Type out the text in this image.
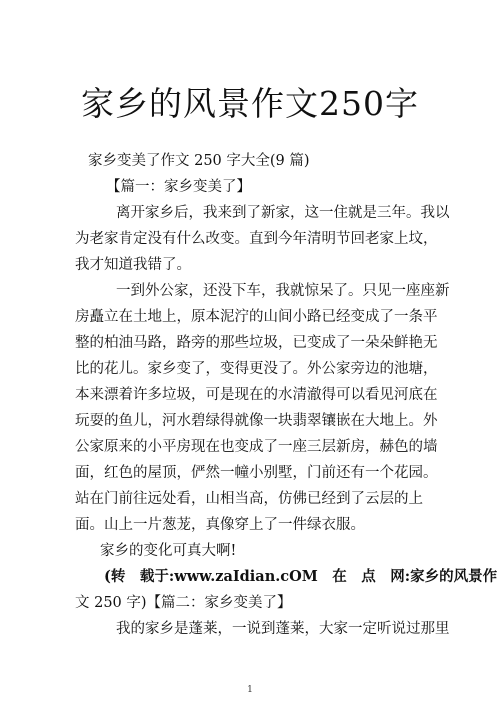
家乡的风景作文250字

家乡变美了作文 250 字大全(9 篇)

【篇一：家乡变美了】

离开家乡后，我来到了新家，这一住就是三年。我以

为老家肯定没有什么改变。直到今年清明节回老家上坟，

我才知道我错了。

一到外公家，还没下车，我就惊呆了。只见一座座新

房矗立在土地上，原本泥泞的山间小路已经变成了一条平

整的柏油马路，路旁的那些垃圾，已变成了一朵朵鲜艳无

比的花儿。家乡变了，变得更没了。外公家旁边的池塘，

本来漂着许多垃圾，可是现在的水清澈得可以看见河底在

玩耍的鱼儿，河水碧绿得就像一块翡翠镶嵌在大地上。外

公家原来的小平房现在也变成了一座三层新房，赫色的墙

面，红色的屋顶，俨然一幢小别墅，门前还有一个花园。

站在门前往远处看，山相当高，仿佛已经到了云层的上

面。山上一片葱茏，真像穿上了一件绿衣服。

家乡的变化可真大啊!

(转　载于:www.zaIdian.cOM　在　点　网:家乡的风景作

文 250 字)【篇二：家乡变美了】

我的家乡是蓬莱，一说到蓬莱，大家一定听说过那里

1
